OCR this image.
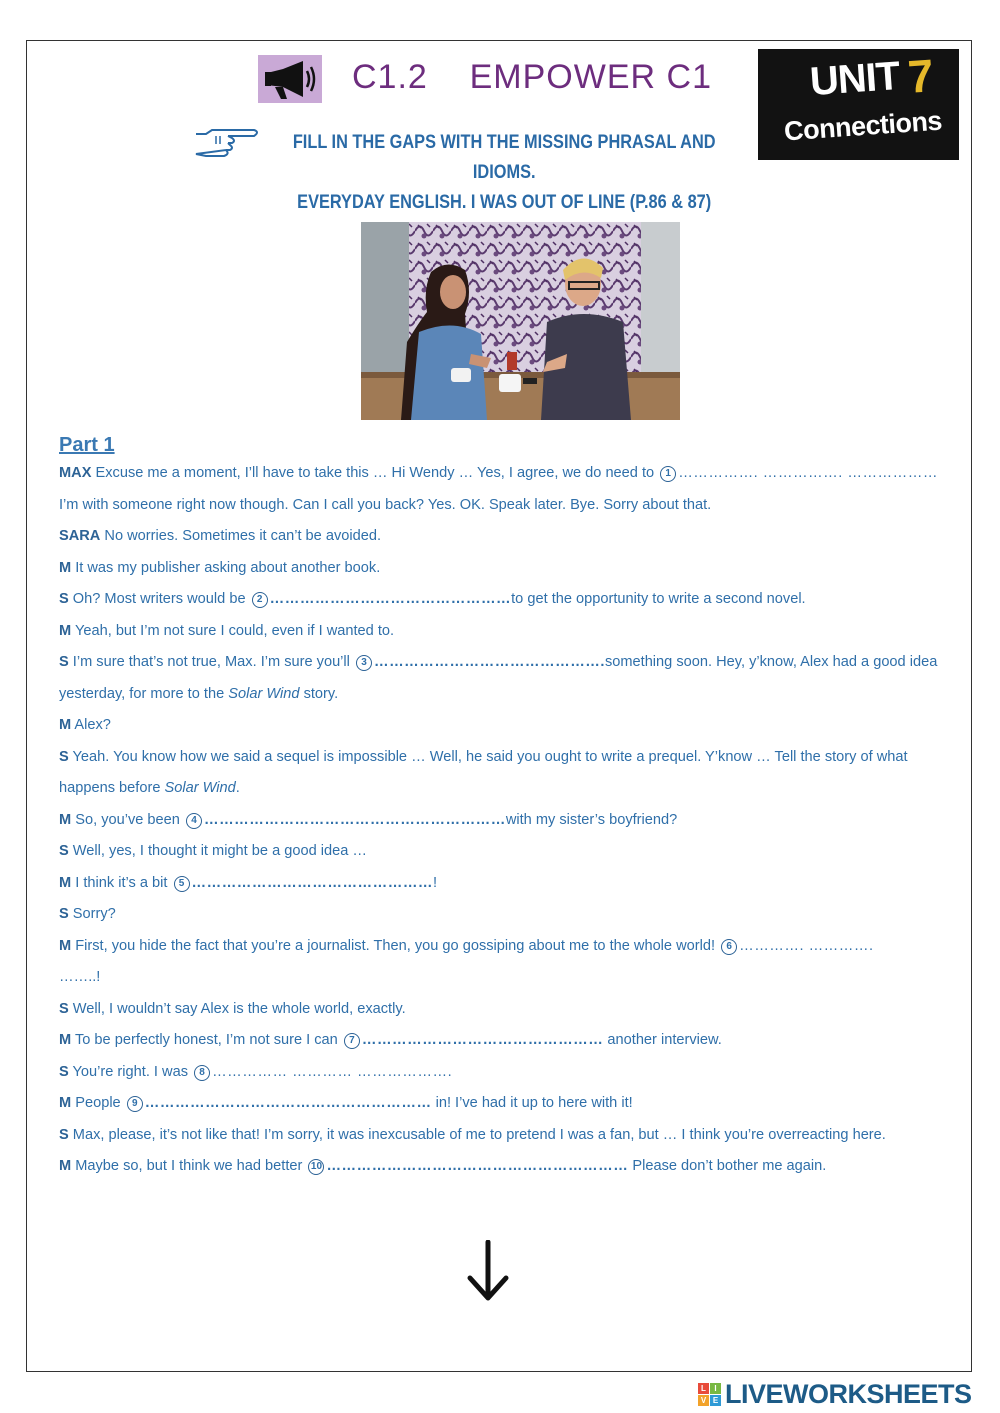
C1.2 EMPOWER C1 UNIT 7
Connections
FILL IN THE GAPS WITH THE MISSING PHRASAL AND IDIOMS.
EVERYDAY ENGLISH. I WAS OUT OF LINE (P.86 & 87)
Part 1
MAX Excuse me a moment, I’ll have to take this … Hi Wendy … Yes, I agree, we do need to 1 ……………. ……………. ………………
I’m with someone right now though. Can I call you back? Yes. OK. Speak later. Bye. Sorry about that.
SARA No worries. Sometimes it can’t be avoided.
M It was my publisher asking about another book.
S Oh? Most writers would be 2 …………………………………………to get the opportunity to write a second novel.
M Yeah, but I’m not sure I could, even if I wanted to.
S I’m sure that’s not true, Max. I’m sure you’ll 3 ……………………………………….something soon. Hey, y’know, Alex had a good idea
yesterday, for more to the Solar Wind story.
M Alex?
S Yeah. You know how we said a sequel is impossible … Well, he said you ought to write a prequel. Y’know … Tell the story of what
happens before Solar Wind.
M So, you’ve been 4 ……………………………………………………with my sister’s boyfriend?
S Well, yes, I thought it might be a good idea …
M I think it’s a bit 5 …………………………………………!
S Sorry?
M First, you hide the fact that you’re a journalist. Then, you go gossiping about me to the whole world! 6 …………. ………….
……..!
S Well, I wouldn’t say Alex is the whole world, exactly.
M To be perfectly honest, I’m not sure I can 7 ………………………………………… another interview.
S You’re right. I was 8 …………… ………… ……………….
M People 9 ………………………………………………… in! I’ve had it up to here with it!
S Max, please, it’s not like that! I’m sorry, it was inexcusable of me to pretend I was a fan, but … I think you’re overreacting here.
M Maybe so, but I think we had better 10 …………………………………………………… Please don’t bother me again.
L	I
V E LIVEWORKSHEETS
